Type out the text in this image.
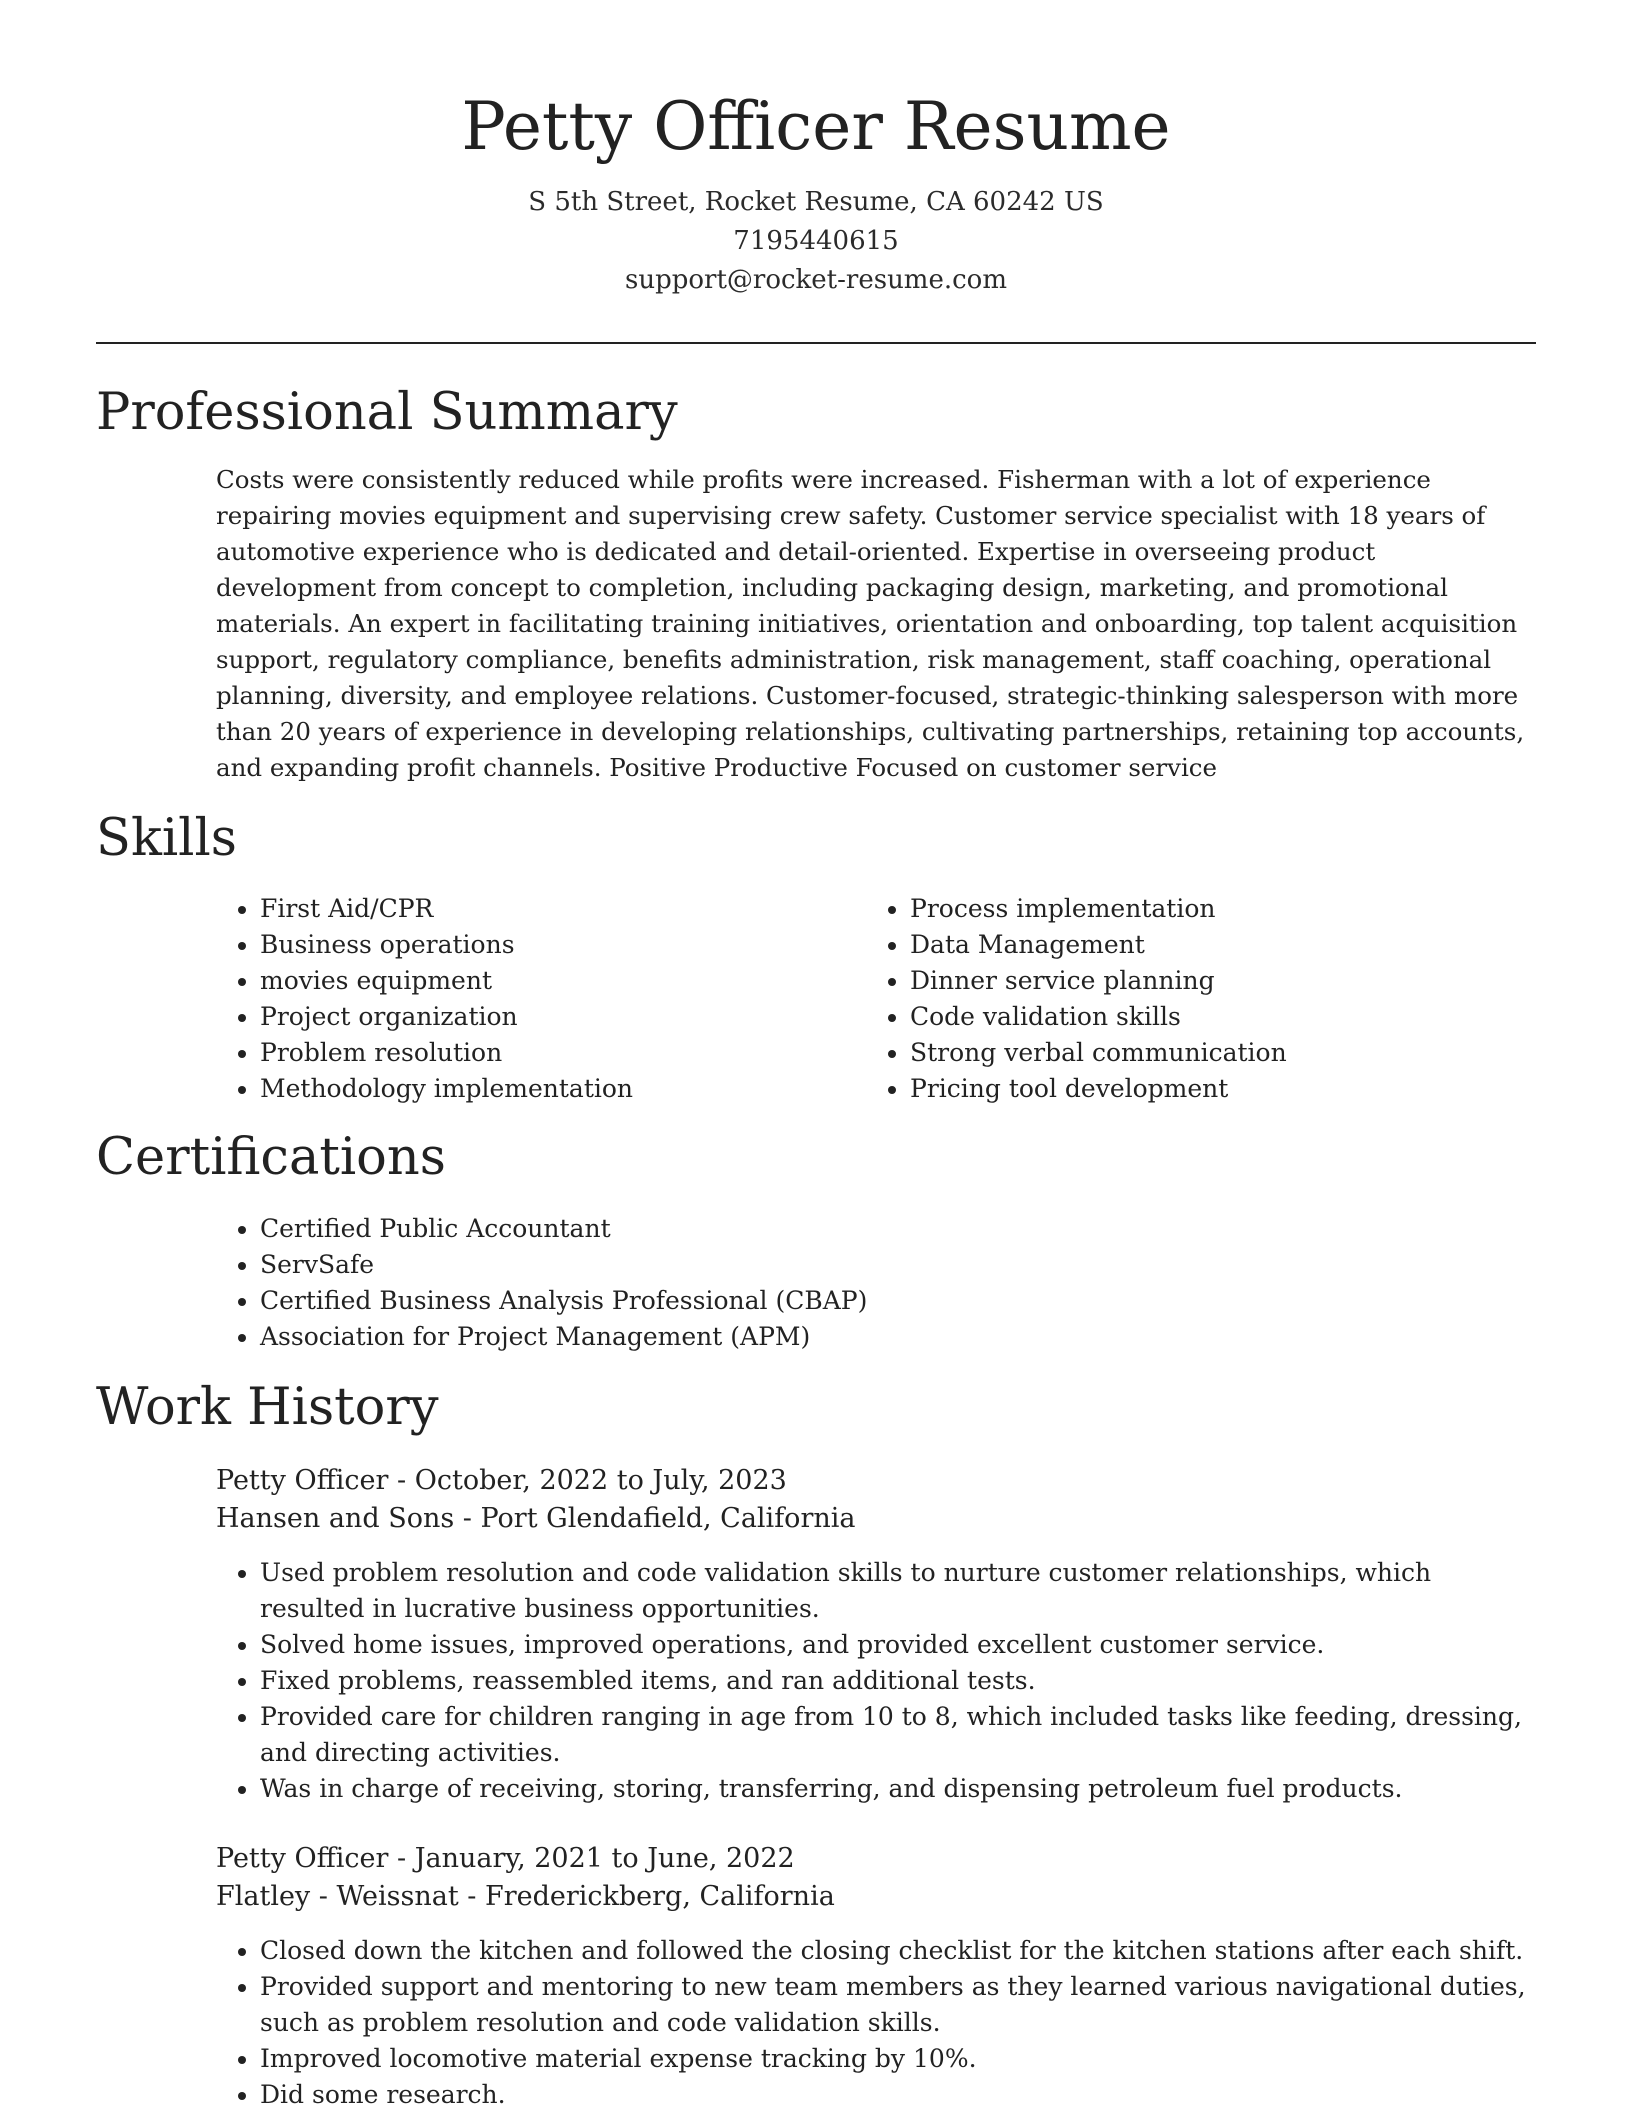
Petty Officer Resume
S 5th Street, Rocket Resume, CA 60242 US
7195440615
support@rocket-resume.com
Professional Summary
Costs were consistently reduced while profits were increased. Fisherman with a lot of experience repairing movies equipment and supervising crew safety. Customer service specialist with 18 years of automotive experience who is dedicated and detail-oriented. Expertise in overseeing product development from concept to completion, including packaging design, marketing, and promotional materials. An expert in facilitating training initiatives, orientation and onboarding, top talent acquisition support, regulatory compliance, benefits administration, risk management, staff coaching, operational planning, diversity, and employee relations. Customer-focused, strategic-thinking salesperson with more than 20 years of experience in developing relationships, cultivating partnerships, retaining top accounts, and expanding profit channels. Positive Productive Focused on customer service
Skills
• First Aid/CPR
• Business operations
• movies equipment
• Project organization
• Problem resolution
• Methodology implementation
• Process implementation
• Data Management
• Dinner service planning
• Code validation skills
• Strong verbal communication
• Pricing tool development
Certifications
• Certified Public Accountant
• ServSafe
• Certified Business Analysis Professional (CBAP)
• Association for Project Management (APM)
Work History
Petty Officer - October, 2022 to July, 2023
Hansen and Sons - Port Glendafield, California
• Used problem resolution and code validation skills to nurture customer relationships, which resulted in lucrative business opportunities.
• Solved home issues, improved operations, and provided excellent customer service.
• Fixed problems, reassembled items, and ran additional tests.
• Provided care for children ranging in age from 10 to 8, which included tasks like feeding, dressing, and directing activities.
• Was in charge of receiving, storing, transferring, and dispensing petroleum fuel products.
Petty Officer - January, 2021 to June, 2022
Flatley - Weissnat - Frederickberg, California
• Closed down the kitchen and followed the closing checklist for the kitchen stations after each shift.
• Provided support and mentoring to new team members as they learned various navigational duties, such as problem resolution and code validation skills.
• Improved locomotive material expense tracking by 10%.
• Did some research.
